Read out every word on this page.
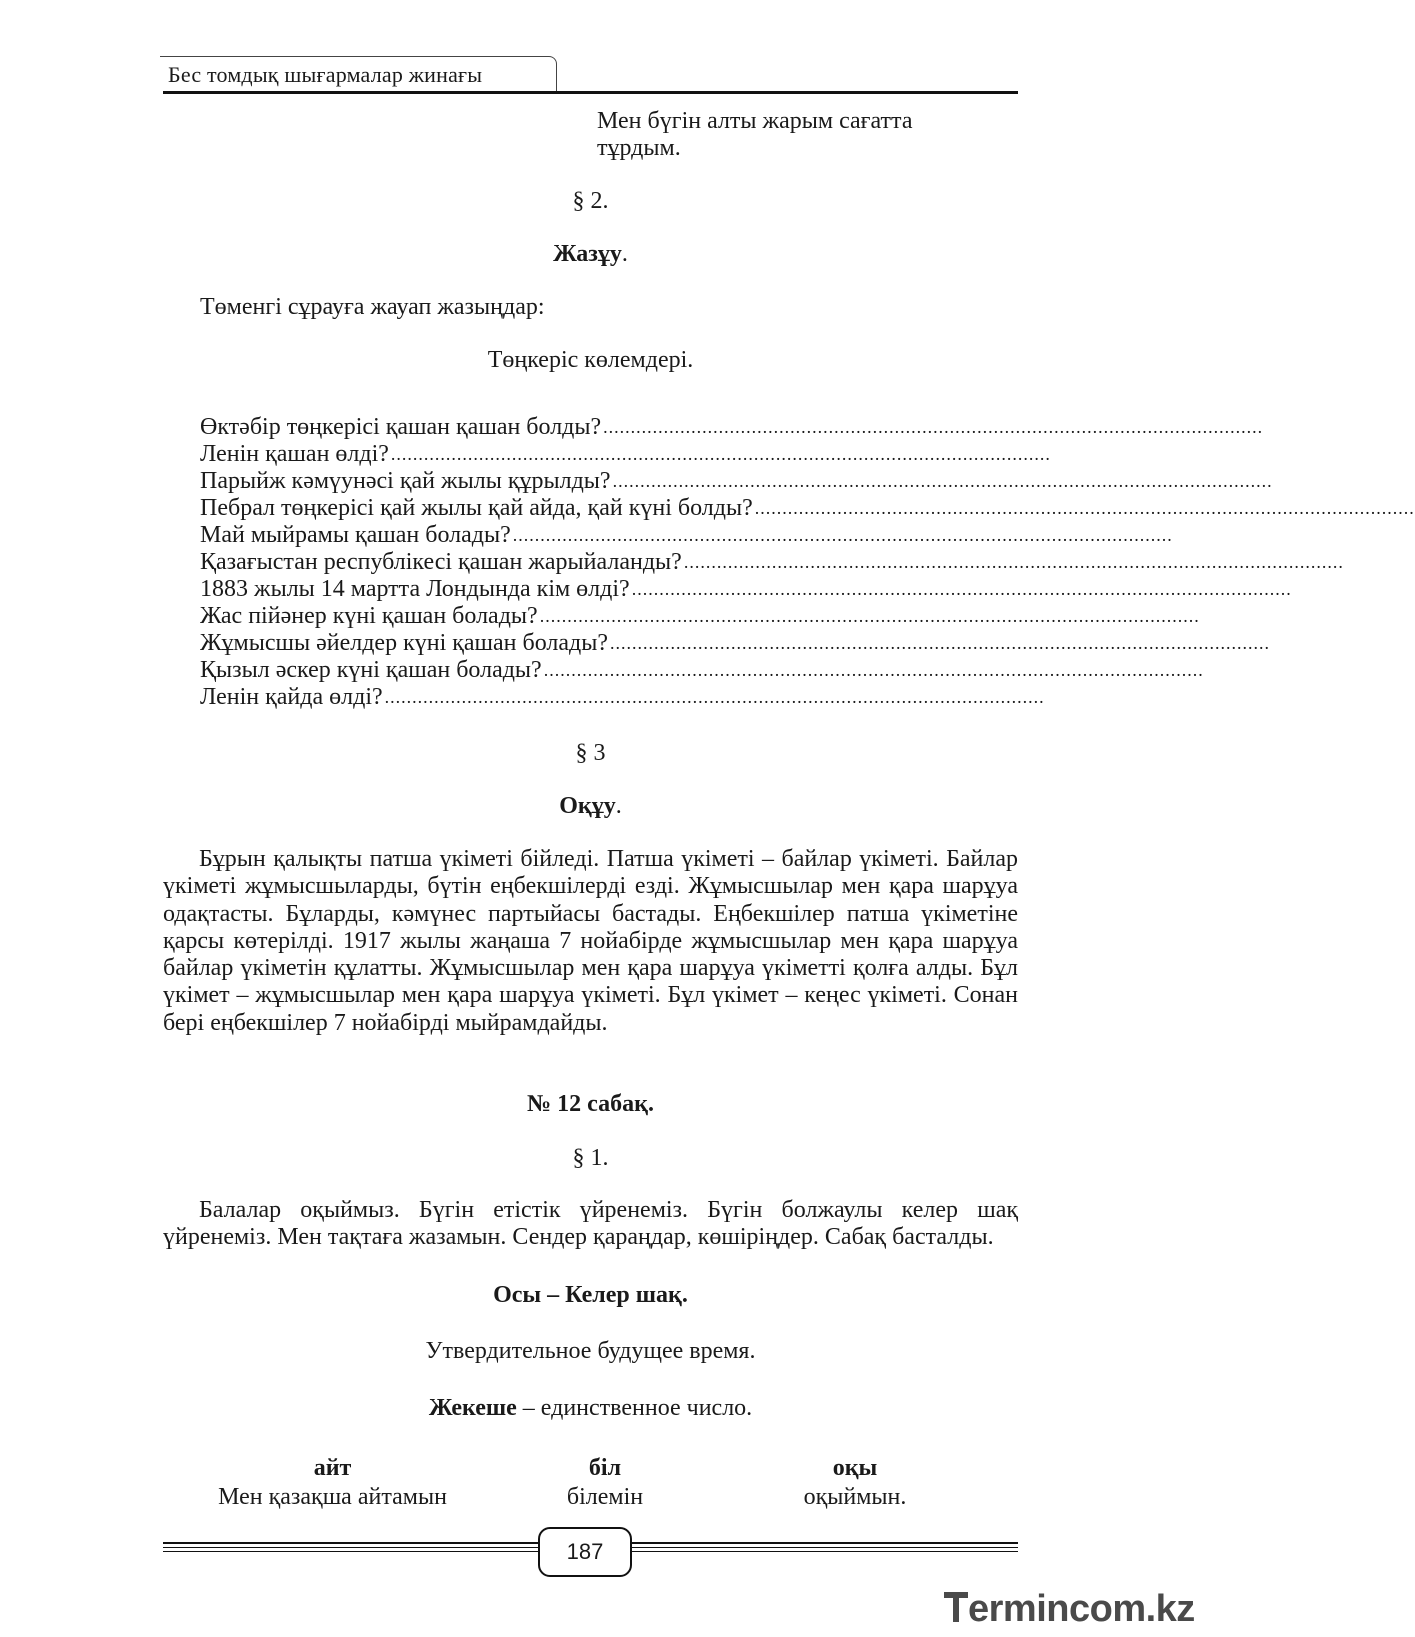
Бес томдық шығармалар жинағы
Мен бүгін алты жарым сағатта
тұрдым.
§ 2.
Жазұу.
Төменгі сұрауға жауап жазыңдар:
Төңкеріс көлемдері.
Өктәбір төңкерісі қашан қашан болды? ........................................................................................................................
Ленін қашан өлді? ........................................................................................................................
Парыйж кәмүунәсі қай жылы құрылды? ........................................................................................................................
Пебрал төңкерісі қай жылы қай айда, қай күні болды? ........................................................................................................................
Май мыйрамы қашан болады? ........................................................................................................................
Қазағыстан республікесі қашан жарыйаланды? ........................................................................................................................
1883 жылы 14 мартта Лондында кім өлді? ........................................................................................................................
Жас пійәнер күні қашан болады? ........................................................................................................................
Жұмысшы әйелдер күні қашан болады? ........................................................................................................................
Қызыл әскер күні қашан болады? ........................................................................................................................
Ленін қайда өлді? ........................................................................................................................
§ 3
Оқұу.
Бұрын қалықты патша үкіметі бійледі. Патша үкіметі – байлар үкіметі. Байлар үкіметі жұмысшыларды, бүтін еңбекшілерді езді. Жұмысшылар мен қара шарұуа одақтасты. Бұларды, кәмүнес партыйасы бастады. Еңбекшілер патша үкіметіне қарсы көтерілді. 1917 жылы жаңаша 7 нойабірде жұмысшылар мен қара шарұуа байлар үкіметін құлатты. Жұмысшылар мен қара шарұуа үкіметті қолға алды. Бұл үкімет – жұмысшылар мен қара шарұуа үкіметі. Бұл үкімет – кеңес үкіметі. Сонан бері еңбекшілер 7 нойабірді мыйрамдайды.
№ 12 сабақ.
§ 1.
Балалар оқыймыз. Бүгін етістік үйренеміз. Бүгін болжаулы келер шақ үйренеміз. Мен тақтаға жазамын. Сендер қараңдар, көшіріңдер. Сабақ басталды.
Осы – Келер шақ.
Утвердительное будущее время.
Жекеше – единственное число.
айт
Мен қазақша айтамын
біл
білемін
оқы
оқыймын.
187
ermincom.kz
